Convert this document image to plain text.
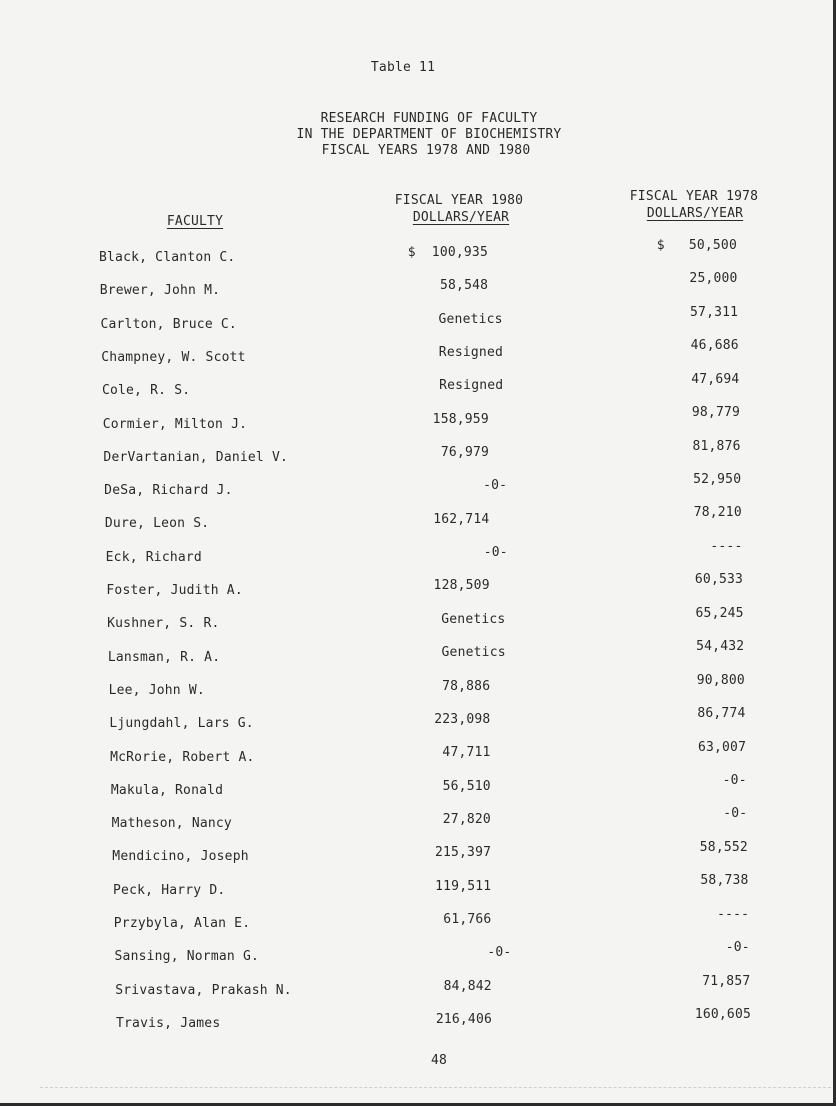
Table 11
RESEARCH FUNDING OF FACULTY
IN THE DEPARTMENT OF BIOCHEMISTRY
FISCAL YEARS 1978 AND 1980
FACULTY
FISCAL YEAR 1980
DOLLARS/YEAR
FISCAL YEAR 1978
DOLLARS/YEAR
Black, Clanton C.	$  100,935	$   50,500
Brewer, John M.	58,548	25,000
Carlton, Bruce C.	Genetics	57,311
Champney, W. Scott	Resigned	46,686
Cole, R. S.	Resigned	47,694
Cormier, Milton J.	158,959	98,779
DerVartanian, Daniel V.	76,979	81,876
DeSa, Richard J.	-0-	52,950
Dure, Leon S.	162,714	78,210
Eck, Richard	-0-	----
Foster, Judith A.	128,509	60,533
Kushner, S. R.	Genetics	65,245
Lansman, R. A.	Genetics	54,432
Lee, John W.	78,886	90,800
Ljungdahl, Lars G.	223,098	86,774
McRorie, Robert A.	47,711	63,007
Makula, Ronald	56,510	-0-
Matheson, Nancy	27,820	-0-
Mendicino, Joseph	215,397	58,552
Peck, Harry D.	119,511	58,738
Przybyla, Alan E.	61,766	----
Sansing, Norman G.	-0-	-0-
Srivastava, Prakash N.	84,842	71,857
Travis, James	216,406	160,605
48
